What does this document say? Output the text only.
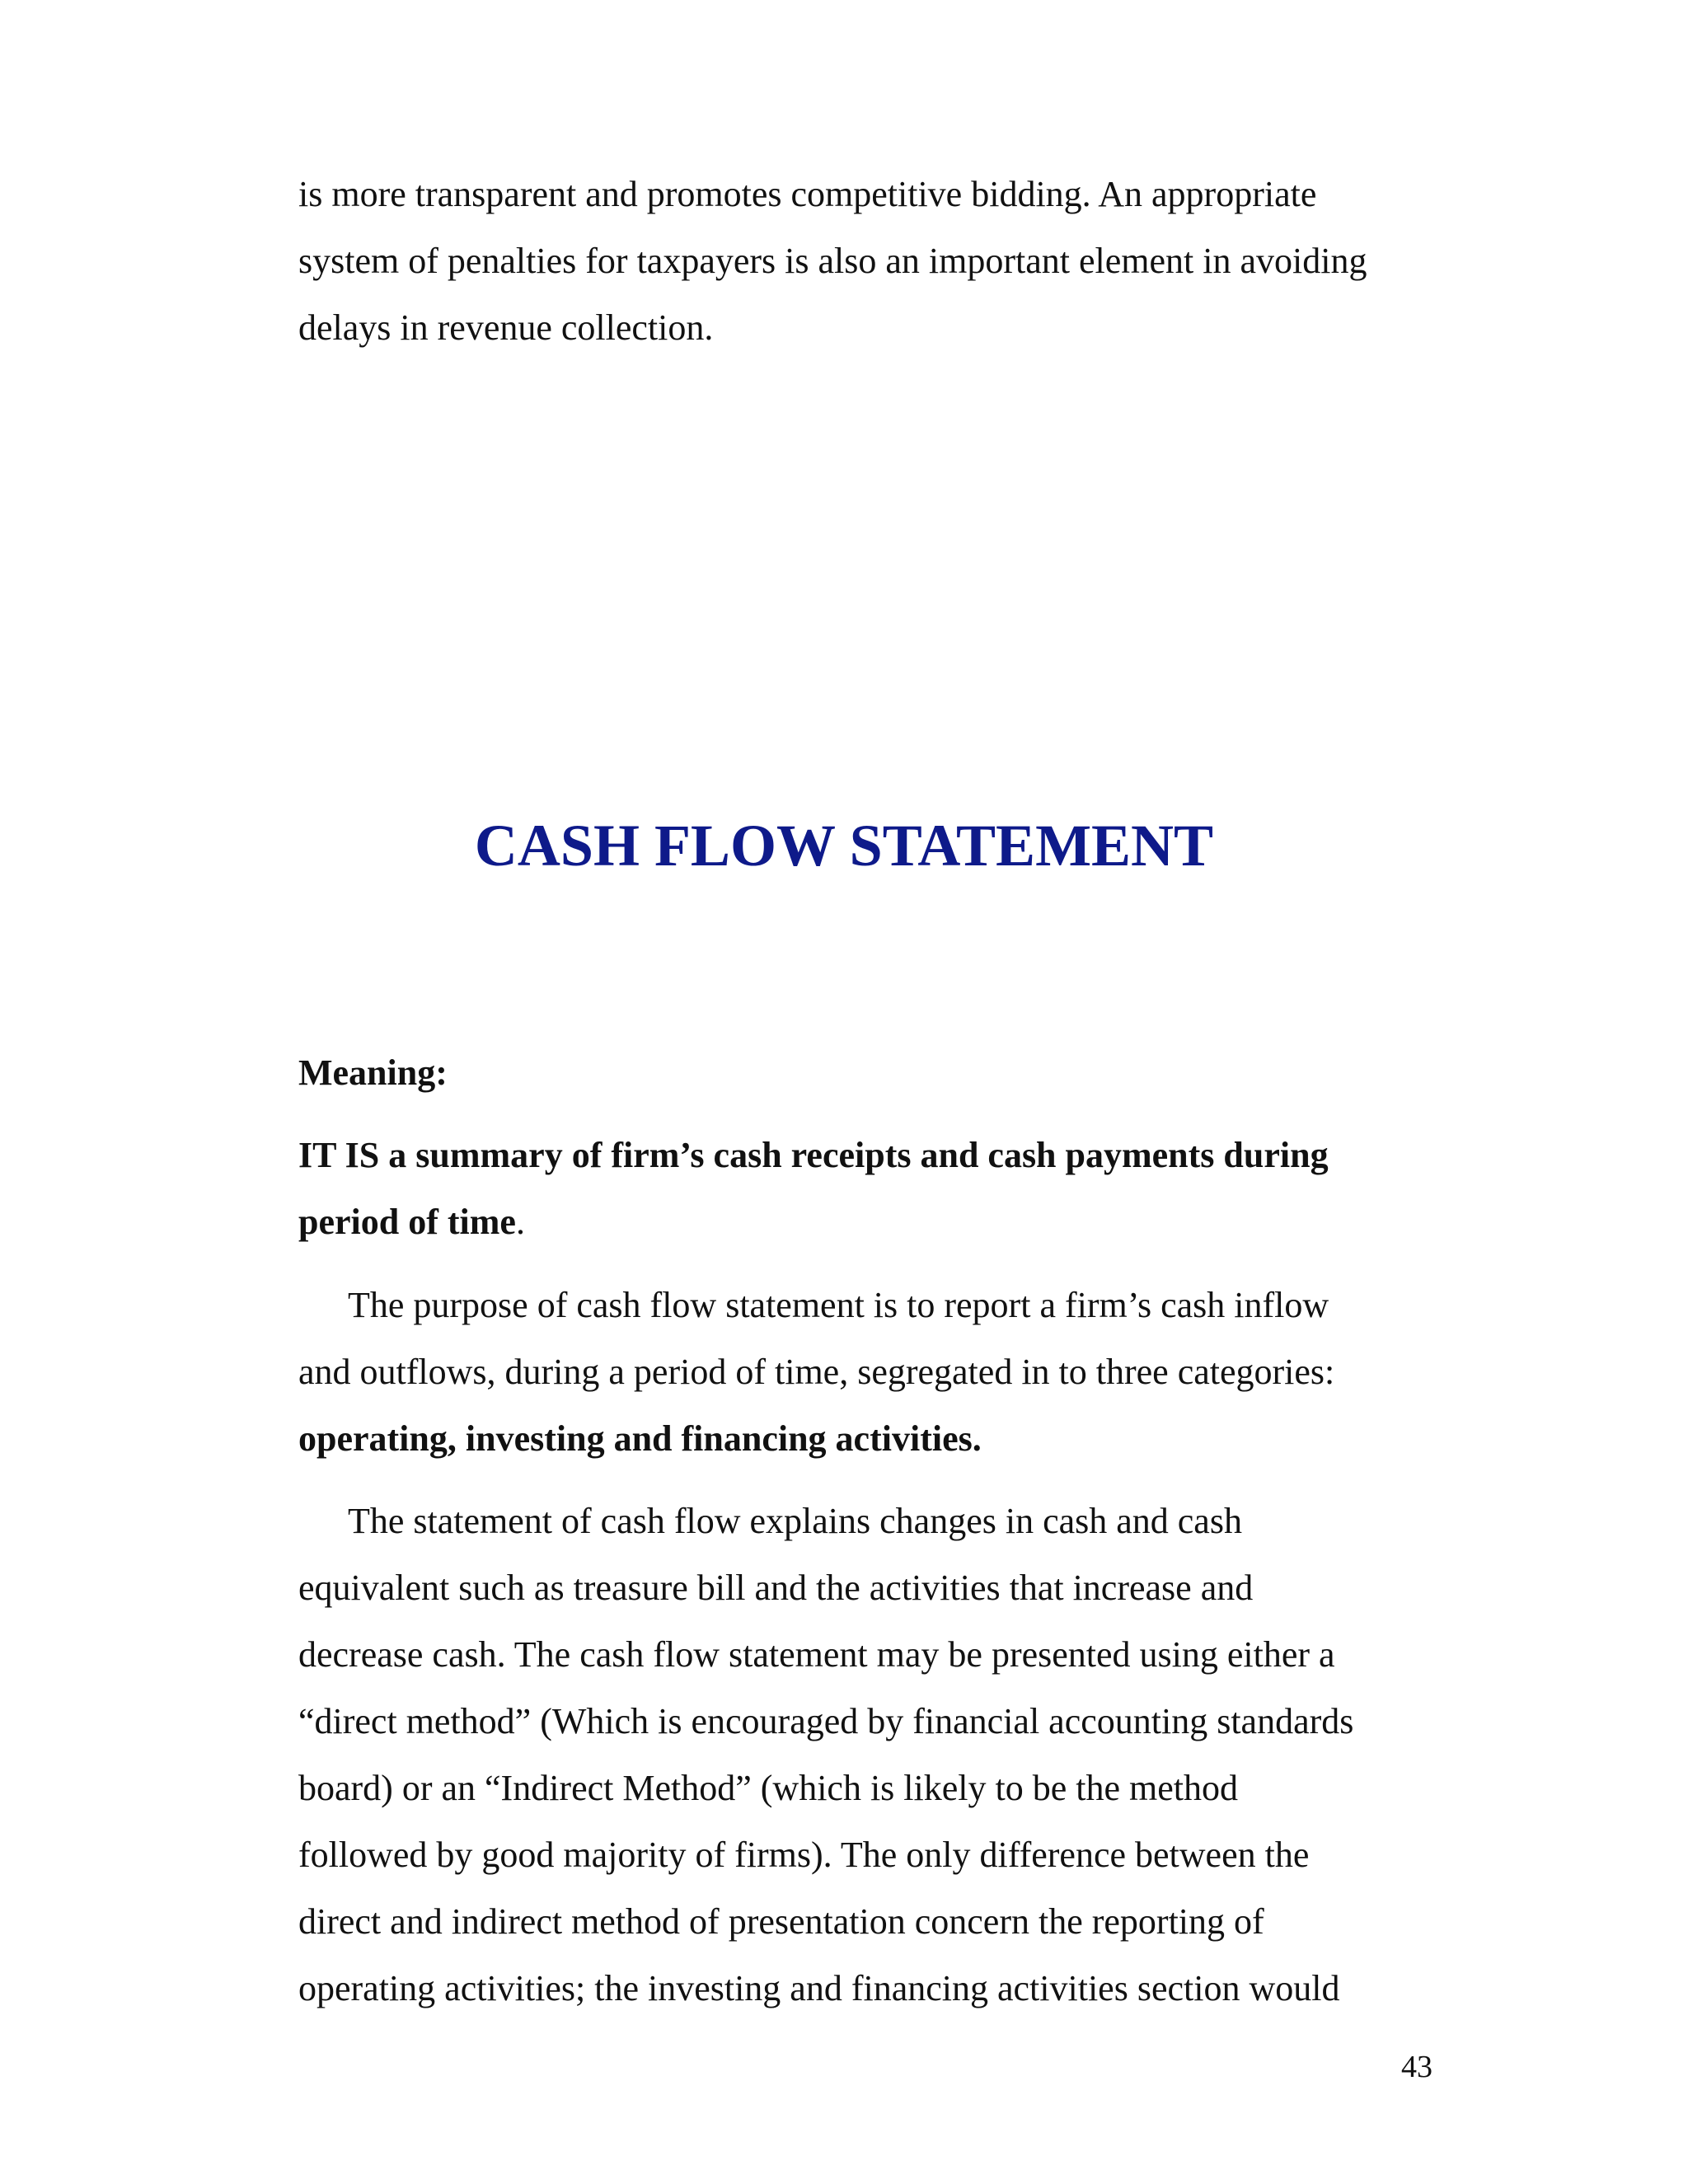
is more transparent and promotes competitive bidding. An appropriate

system of penalties for taxpayers is also an important element in avoiding

delays in revenue collection.

CASH FLOW STATEMENT

Meaning:

IT IS a summary of firm’s cash receipts and cash payments during

period of time.

The purpose of cash flow statement is to report a firm’s cash inflow

and outflows, during a period of time, segregated in to three categories:

operating, investing and financing activities.

The statement of cash flow explains changes in cash and cash

equivalent such as treasure bill and the activities that increase and

decrease cash. The cash flow statement may be presented using either a

“direct method” (Which is encouraged by financial accounting standards

board) or an “Indirect Method” (which is likely to be the method

followed by good majority of firms). The only difference between the

direct and indirect method of presentation concern the reporting of

operating activities; the investing and financing activities section would

43
